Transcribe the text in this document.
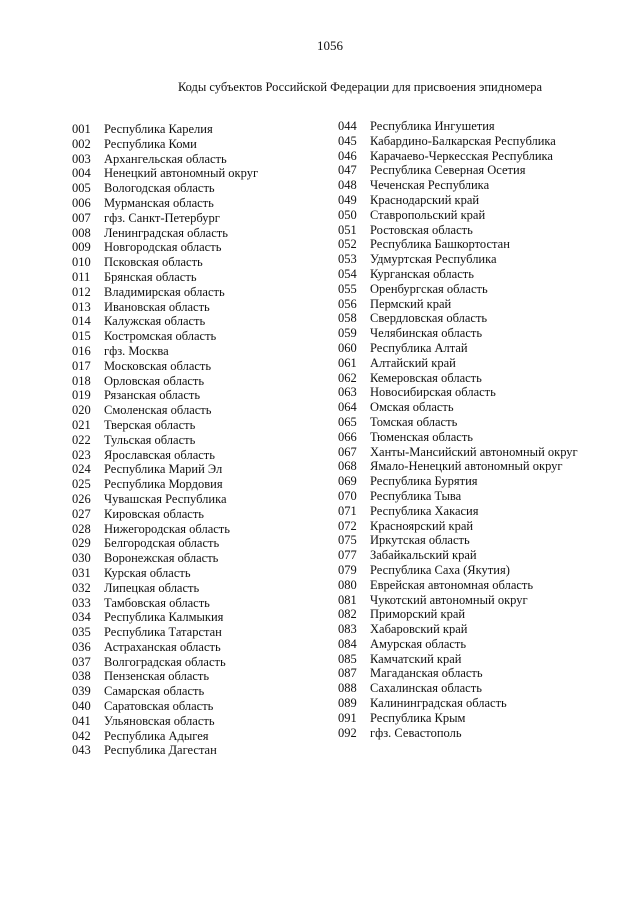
1056
Коды субъектов Российской Федерации для присвоения эпидномера
001 Республика Карелия
002 Республика Коми
003 Архангельская область
004 Ненецкий автономный округ
005 Вологодская область
006 Мурманская область
007 гфз. Санкт-Петербург
008 Ленинградская область
009 Новгородская область
010 Псковская область
011 Брянская область
012 Владимирская область
013 Ивановская область
014 Калужская область
015 Костромская область
016 гфз. Москва
017 Московская область
018 Орловская область
019 Рязанская область
020 Смоленская область
021 Тверская область
022 Тульская область
023 Ярославская область
024 Республика Марий Эл
025 Республика Мордовия
026 Чувашская Республика
027 Кировская область
028 Нижегородская область
029 Белгородская область
030 Воронежская область
031 Курская область
032 Липецкая область
033 Тамбовская область
034 Республика Калмыкия
035 Республика Татарстан
036 Астраханская область
037 Волгоградская область
038 Пензенская область
039 Самарская область
040 Саратовская область
041 Ульяновская область
042 Республика Адыгея
043 Республика Дагестан
044 Республика Ингушетия
045 Кабардино-Балкарская Республика
046 Карачаево-Черкесская Республика
047 Республика Северная Осетия
048 Чеченская Республика
049 Краснодарский край
050 Ставропольский край
051 Ростовская область
052 Республика Башкортостан
053 Удмуртская Республика
054 Курганская область
055 Оренбургская область
056 Пермский край
058 Свердловская область
059 Челябинская область
060 Республика Алтай
061 Алтайский край
062 Кемеровская область
063 Новосибирская область
064 Омская область
065 Томская область
066 Тюменская область
067 Ханты-Мансийский автономный округ
068 Ямало-Ненецкий автономный округ
069 Республика Бурятия
070 Республика Тыва
071 Республика Хакасия
072 Красноярский край
075 Иркутская область
077 Забайкальский край
079 Республика Саха (Якутия)
080 Еврейская автономная область
081 Чукотский автономный округ
082 Приморский край
083 Хабаровский край
084 Амурская область
085 Камчатский край
087 Магаданская область
088 Сахалинская область
089 Калининградская область
091 Республика Крым
092 гфз. Севастополь
